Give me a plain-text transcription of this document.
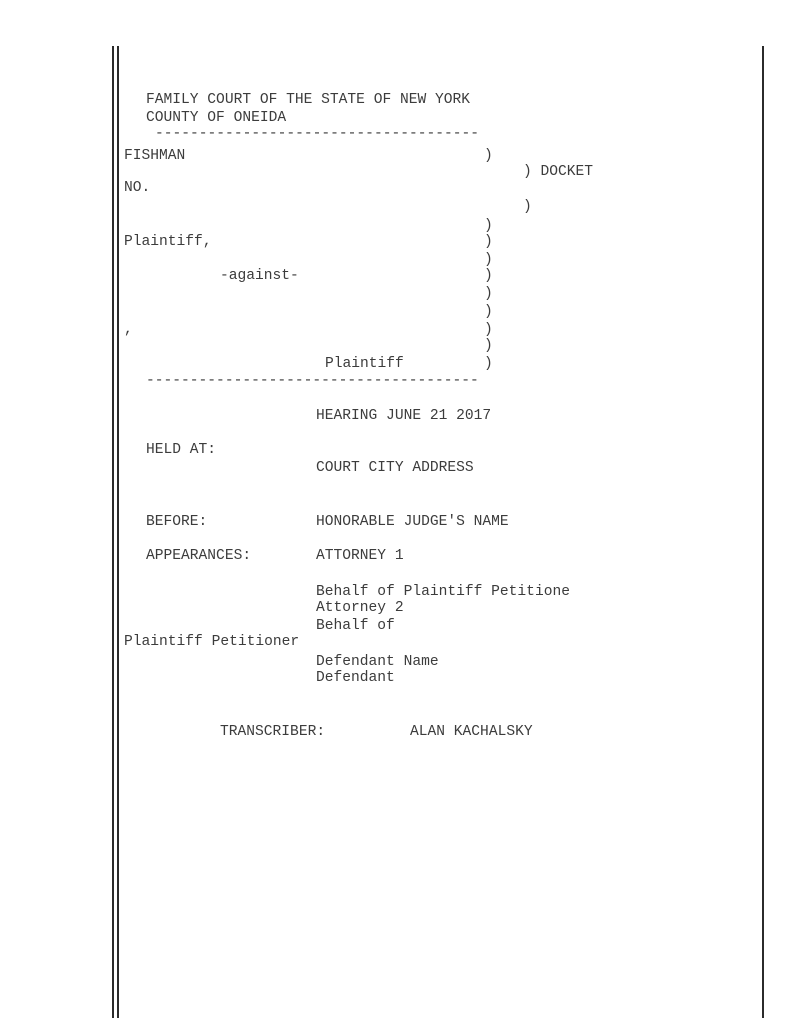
FAMILY COURT OF THE STATE OF NEW YORK
COUNTY OF ONEIDA
-------------------------------------
FISHMAN	)
) DOCKET
NO.
)
)
Plaintiff,	)
)
-against-	)
)
)
,	)
)
Plaintiff	)
--------------------------------------
HEARING JUNE 21 2017
HELD AT:
COURT CITY ADDRESS
BEFORE:	HONORABLE JUDGE'S NAME
APPEARANCES:	ATTORNEY 1
Behalf of Plaintiff Petitione
Attorney 2
Behalf of
Plaintiff Petitioner
Defendant Name
Defendant
TRANSCRIBER:	ALAN KACHALSKY
